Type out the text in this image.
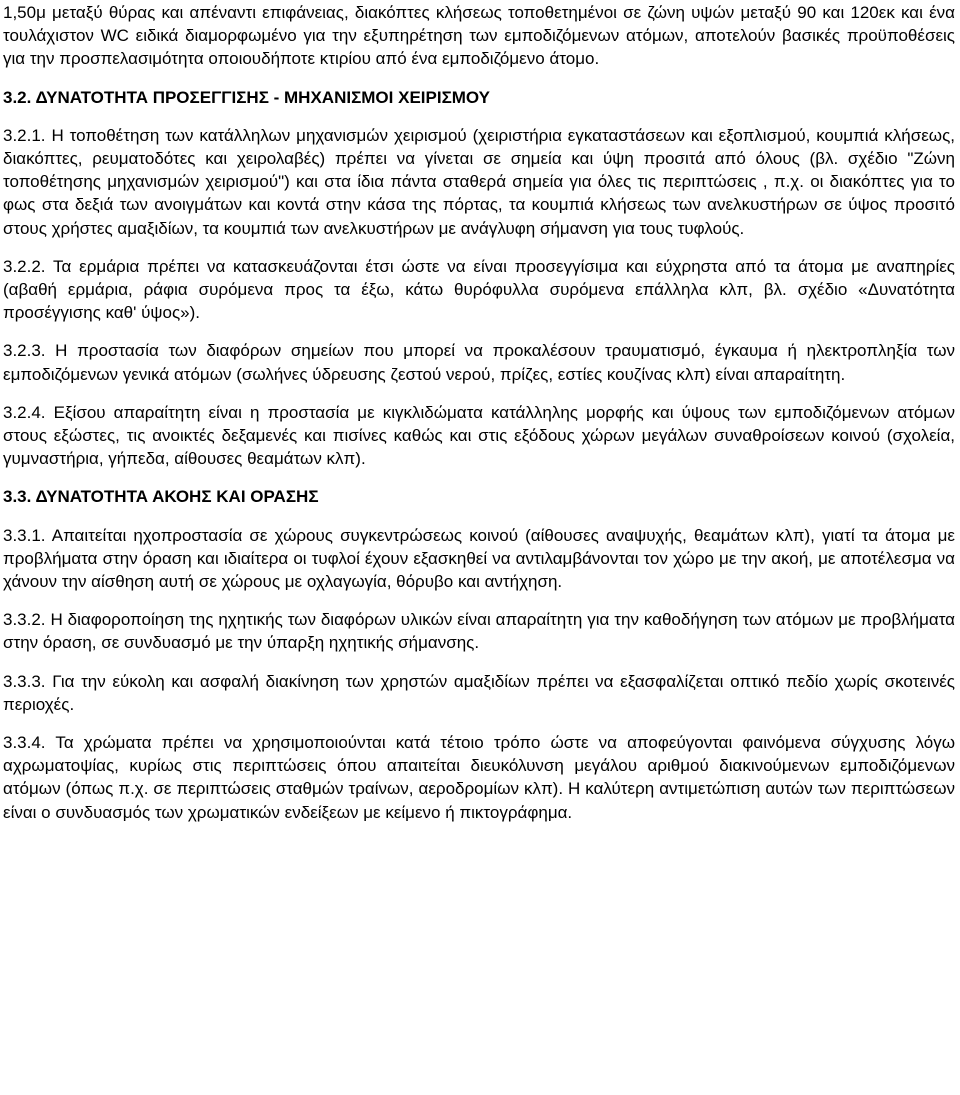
1,50μ μεταξύ θύρας και απέναντι επιφάνειας, διακόπτες κλήσεως τοποθετημένοι σε ζώνη υψών μεταξύ 90 και 120εκ και ένα τουλάχιστον WC ειδικά διαμορφωμένο για την εξυπηρέτηση των εμποδιζόμενων ατόμων, αποτελούν βασικές προϋποθέσεις για την προσπελασιμότητα οποιουδήποτε κτιρίου από ένα εμποδιζόμενο άτομο.

3.2. ΔΥΝΑΤΟΤΗΤΑ ΠΡΟΣΕΓΓΙΣΗΣ - ΜΗΧΑΝΙΣΜΟΙ ΧΕΙΡΙΣΜΟΥ

3.2.1. Η τοποθέτηση των κατάλληλων μηχανισμών χειρισμού (χειριστήρια εγκαταστάσεων και εξοπλισμού, κουμπιά κλήσεως, διακόπτες, ρευματοδότες και χειρολαβές) πρέπει να γίνεται σε σημεία και ύψη προσιτά από όλους (βλ. σχέδιο "Ζώνη τοποθέτησης μηχανισμών χειρισμού") και στα ίδια πάντα σταθερά σημεία για όλες τις περιπτώσεις , π.χ. οι διακόπτες για το φως στα δεξιά των ανοιγμάτων και κοντά στην κάσα της πόρτας, τα κουμπιά κλήσεως των ανελκυστήρων σε ύψος προσιτό στους χρήστες αμαξιδίων, τα κουμπιά των ανελκυστήρων με ανάγλυφη σήμανση για τους τυφλούς.

3.2.2. Τα ερμάρια πρέπει να κατασκευάζονται έτσι ώστε να είναι προσεγγίσιμα και εύχρηστα από τα άτομα με αναπηρίες (αβαθή ερμάρια, ράφια συρόμενα προς τα έξω, κάτω θυρόφυλλα συρόμενα επάλληλα κλπ, βλ. σχέδιο «Δυνατότητα προσέγγισης καθ' ύψος»).

3.2.3. Η προστασία των διαφόρων σημείων που μπορεί να προκαλέσουν τραυματισμό, έγκαυμα ή ηλεκτροπληξία των εμποδιζόμενων γενικά ατόμων (σωλήνες ύδρευσης ζεστού νερού, πρίζες, εστίες κουζίνας κλπ) είναι απαραίτητη.

3.2.4. Εξίσου απαραίτητη είναι η προστασία με κιγκλιδώματα κατάλληλης μορφής και ύψους των εμποδιζόμενων ατόμων στους εξώστες, τις ανοικτές δεξαμενές και πισίνες καθώς και στις εξόδους χώρων μεγάλων συναθροίσεων κοινού (σχολεία, γυμναστήρια, γήπεδα, αίθουσες θεαμάτων κλπ).

3.3. ΔΥΝΑΤΟΤΗΤΑ ΑΚΟΗΣ ΚΑΙ ΟΡΑΣΗΣ

3.3.1. Απαιτείται ηχοπροστασία σε χώρους συγκεντρώσεως κοινού (αίθουσες αναψυχής, θεαμάτων κλπ), γιατί τα άτομα με προβλήματα στην όραση και ιδιαίτερα οι τυφλοί έχουν εξασκηθεί να αντιλαμβάνονται τον χώρο με την ακοή, με αποτέλεσμα να χάνουν την αίσθηση αυτή σε χώρους με οχλαγωγία, θόρυβο και αντήχηση.

3.3.2. Η διαφοροποίηση της ηχητικής των διαφόρων υλικών είναι απαραίτητη για την καθοδήγηση των ατόμων με προβλήματα στην όραση, σε συνδυασμό με την ύπαρξη ηχητικής σήμανσης.

3.3.3. Για την εύκολη και ασφαλή διακίνηση των χρηστών αμαξιδίων πρέπει να εξασφαλίζεται οπτικό πεδίο χωρίς σκοτεινές περιοχές.

3.3.4. Τα χρώματα πρέπει να χρησιμοποιούνται κατά τέτοιο τρόπο ώστε να αποφεύγονται φαινόμενα σύγχυσης λόγω αχρωματοψίας, κυρίως στις περιπτώσεις όπου απαιτείται διευκόλυνση μεγάλου αριθμού διακινούμενων εμποδιζόμενων ατόμων (όπως π.χ. σε περιπτώσεις σταθμών τραίνων, αεροδρομίων κλπ). Η καλύτερη αντιμετώπιση αυτών των περιπτώσεων είναι ο συνδυασμός των χρωματικών ενδείξεων με κείμενο ή πικτογράφημα.
